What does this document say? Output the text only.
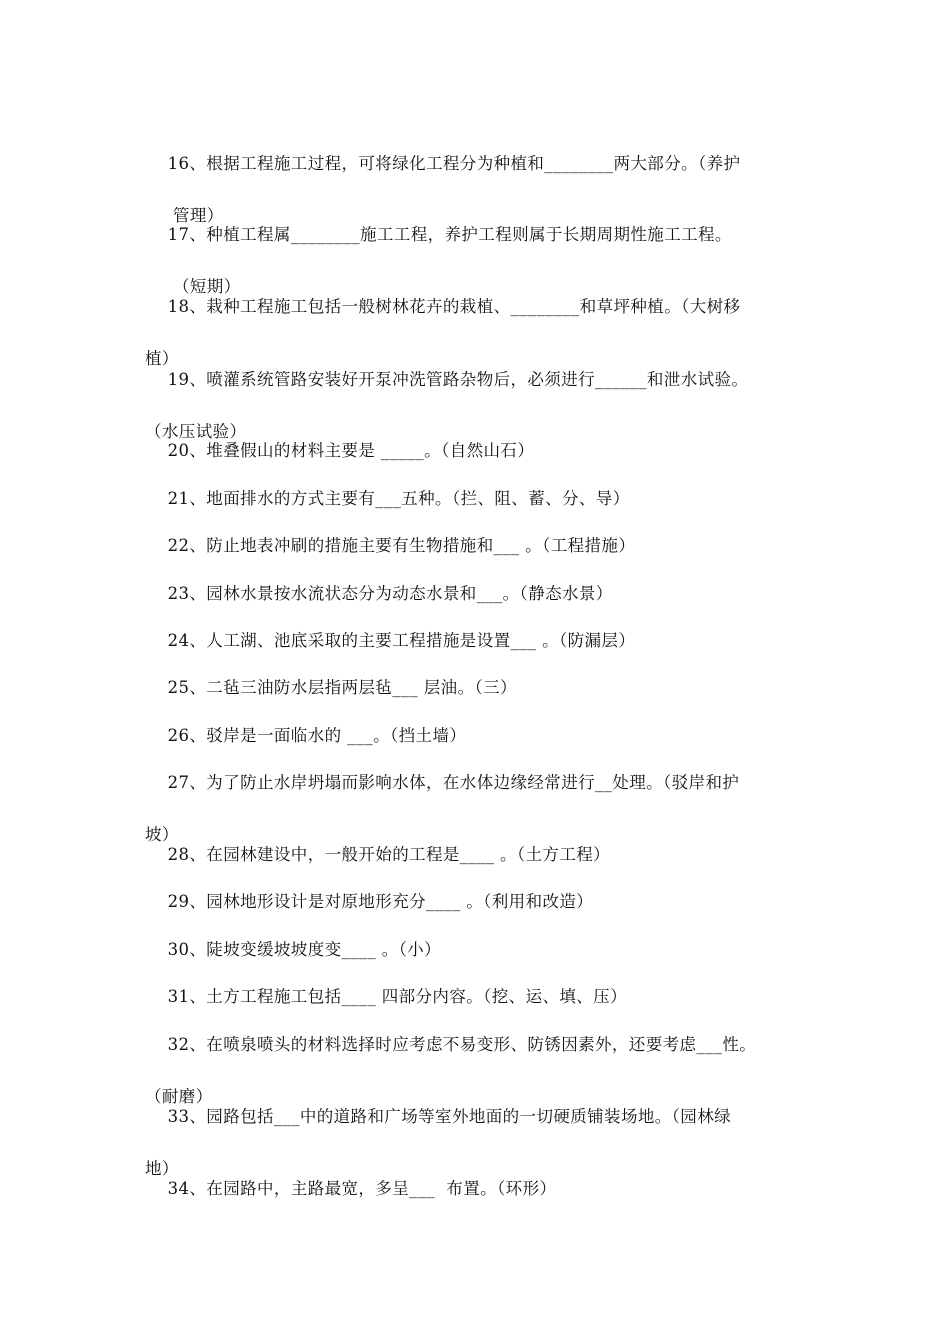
16、根据工程施工过程，可将绿化工程分为种植和________两大部分。（养护

管理）

17、种植工程属________施工工程，养护工程则属于长期周期性施工工程。

（短期）

18、栽种工程施工包括一般树林花卉的栽植、________和草坪种植。（大树移

植）

19、喷灌系统管路安装好开泵冲洗管路杂物后，必须进行______和泄水试验。

（水压试验）

20、堆叠假山的材料主要是 _____。（自然山石）

21、地面排水的方式主要有___五种。（拦、阻、蓄、分、导）

22、防止地表冲刷的措施主要有生物措施和___ 。（工程措施）

23、园林水景按水流状态分为动态水景和___。（静态水景）

24、人工湖、池底采取的主要工程措施是设置___ 。（防漏层）

25、二毡三油防水层指两层毡___ 层油。（三）

26、驳岸是一面临水的 ___。（挡土墙）

27、为了防止水岸坍塌而影响水体，在水体边缘经常进行__处理。（驳岸和护

坡）

28、在园林建设中，一般开始的工程是____ 。（土方工程）

29、园林地形设计是对原地形充分____ 。（利用和改造）

30、陡坡变缓坡坡度变____ 。（小）

31、土方工程施工包括____ 四部分内容。（挖、运、填、压）

32、在喷泉喷头的材料选择时应考虑不易变形、防锈因素外，还要考虑___性。

（耐磨）

33、园路包括___中的道路和广场等室外地面的一切硬质铺装场地。（园林绿

地）

34、在园路中，主路最宽，多呈___  布置。（环形）
